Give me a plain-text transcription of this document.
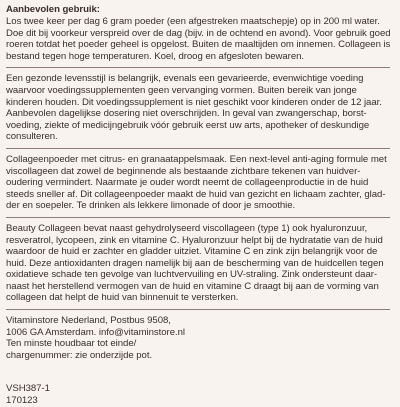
Aanbevolen gebruik:

Los twee keer per dag 6 gram poeder (een afgestreken maatschepje) op in 200 ml water. Doe dit bij voorkeur verspreid over de dag (bijv. in de ochtend en avond). Voor gebruik goed roeren totdat het poeder geheel is opgelost. Buiten de maaltijden om innemen. Collageen is bestand tegen hoge temperaturen. Koel, droog en afgesloten bewaren.

Een gezonde levensstijl is belangrijk, evenals een gevarieerde, evenwichtige voeding waarvoor voedingssupplementen geen vervanging vormen. Buiten bereik van jonge kinderen houden. Dit voedingssupplement is niet geschikt voor kinderen onder de 12 jaar. Aanbevolen dagelijkse dosering niet overschrijden. In geval van zwangerschap, borst-voeding, ziekte of medicijngebruik vóór gebruik eerst uw arts, apotheker of deskundige consulteren.

Collageenpoeder met citrus- en granaatappelsmaak. Een next-level anti-aging formule met viscollageen dat zowel de beginnende als bestaande zichtbare tekenen van huidver-oudering vermindert. Naarmate je ouder wordt neemt de collageenproductie in de huid steeds sneller af. Dit collageenpoeder maakt de huid van gezicht en lichaam zachter, glad-der en soepeler. Te drinken als lekkere limonade of door je smoothie.

Beauty Collageen bevat naast gehydrolyseerd viscollageen (type 1) ook hyaluronzuur, resveratrol, lycopeen, zink en vitamine C. Hyaluronzuur helpt bij de hydratatie van de huid waardoor de huid er zachter en gladder uitziet. Vitamine C en zink zijn belangrijk voor de huid. Deze antioxidanten dragen namelijk bij aan de bescherming van de huidcellen tegen oxidatieve schade ten gevolge van luchtvervuiling en UV-straling. Zink ondersteunt daar-naast het herstellend vermogen van de huid en vitamine C draagt bij aan de vorming van collageen dat helpt de huid van binnenuit te versterken.

Vitaminstore Nederland, Postbus 9508,

1006 GA Amsterdam. info@vitaminstore.nl

Ten minste houdbaar tot einde/

chargenummer: zie onderzijde pot.

VSH387-1

170123
